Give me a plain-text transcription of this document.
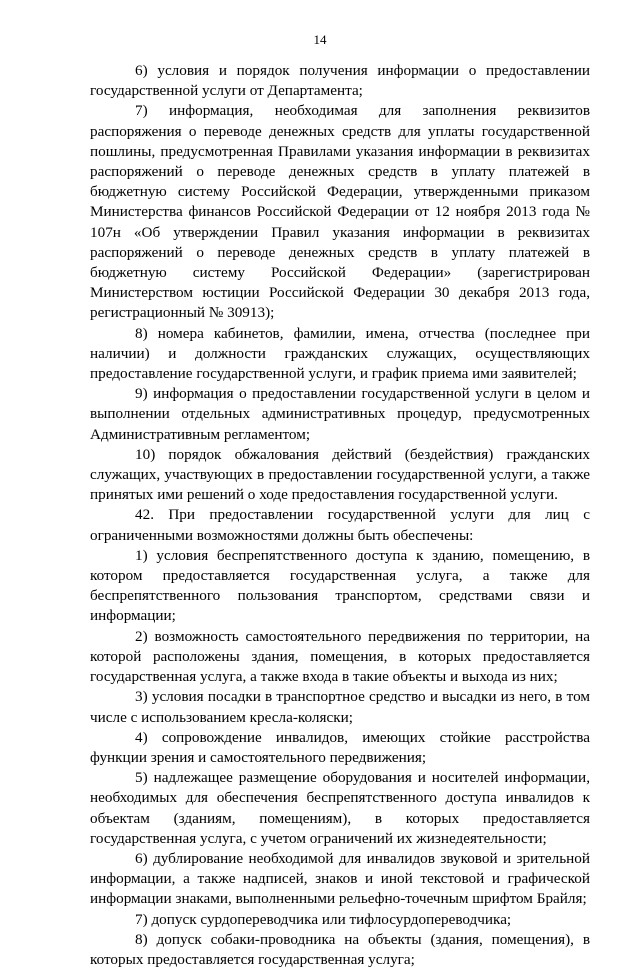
14

6) условия и порядок получения информации о предоставлении государственной услуги от Департамента;

7) информация, необходимая для заполнения реквизитов распоряжения о переводе денежных средств для уплаты государственной пошлины, предусмотренная Правилами указания информации в реквизитах распоряжений о переводе денежных средств в уплату платежей в бюджетную систему Российской Федерации, утвержденными приказом Министерства финансов Российской Федерации от 12 ноября 2013 года № 107н «Об утверждении Правил указания информации в реквизитах распоряжений о переводе денежных средств в уплату платежей в бюджетную систему Российской Федерации» (зарегистрирован Министерством юстиции Российской Федерации 30 декабря 2013 года, регистрационный № 30913);

8) номера кабинетов, фамилии, имена, отчества (последнее при наличии) и должности гражданских служащих, осуществляющих предоставление государственной услуги, и график приема ими заявителей;

9) информация о предоставлении государственной услуги в целом и выполнении отдельных административных процедур, предусмотренных Административным регламентом;

10) порядок обжалования действий (бездействия) гражданских служащих, участвующих в предоставлении государственной услуги, а также принятых ими решений о ходе предоставления государственной услуги.

42. При предоставлении государственной услуги для лиц с ограниченными возможностями должны быть обеспечены:

1) условия беспрепятственного доступа к зданию, помещению, в котором предоставляется государственная услуга, а также для беспрепятственного пользования транспортом, средствами связи и информации;

2) возможность самостоятельного передвижения по территории, на которой расположены здания, помещения, в которых предоставляется государственная услуга, а также входа в такие объекты и выхода из них;

3) условия посадки в транспортное средство и высадки из него, в том числе с использованием кресла-коляски;

4) сопровождение инвалидов, имеющих стойкие расстройства функции зрения и самостоятельного передвижения;

5) надлежащее размещение оборудования и носителей информации, необходимых для обеспечения беспрепятственного доступа инвалидов к объектам (зданиям, помещениям), в которых предоставляется государственная услуга, с учетом ограничений их жизнедеятельности;

6) дублирование необходимой для инвалидов звуковой и зрительной информации, а также надписей, знаков и иной текстовой и графической информации знаками, выполненными рельефно-точечным шрифтом Брайля;

7) допуск сурдопереводчика или тифлосурдопереводчика;

8) допуск собаки-проводника на объекты (здания, помещения), в которых предоставляется государственная услуга;
